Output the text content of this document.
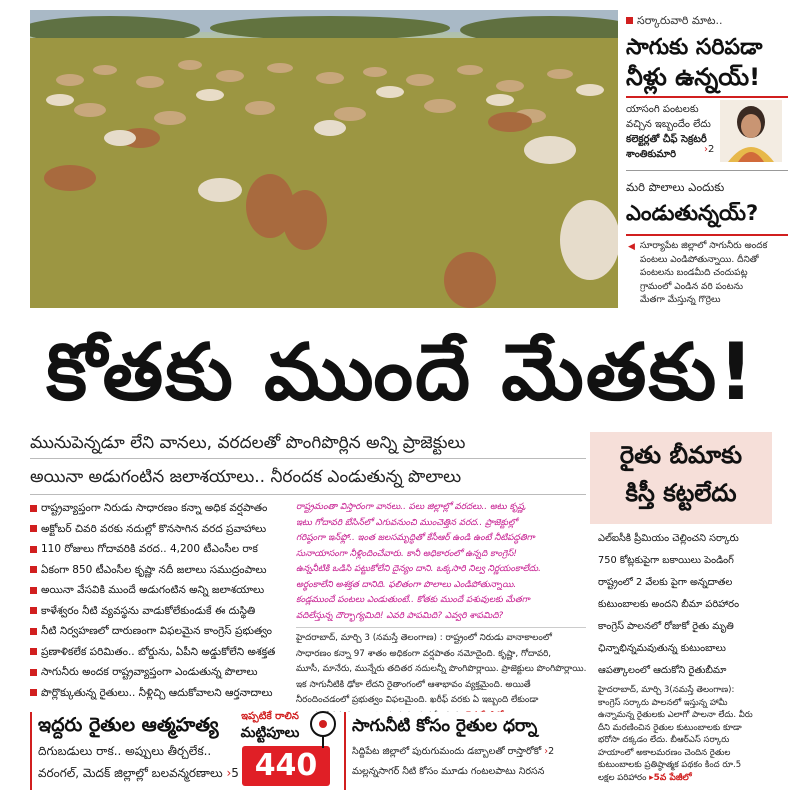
సర్కారువారి మాట..
సాగుకు సరిపడా
నీళ్లు ఉన్నయ్!
యాసంగి పంటలకు
వచ్చిన ఇబ్బందేం లేదు
కలెక్టర్లతో చీఫ్ సెక్రటరీ
శాంతికుమారి	›2
మరి పొలాలు ఎందుకు
ఎండుతున్నయ్?
సూర్యాపేట జిల్లాలో సాగునీరు అందక
పంటలు ఎండిపోతున్నాయి. దీనితో
పంటలను బండమీది చందుపట్ల
గ్రామంలో ఎండిన వరి పంటను
మేతగా మేస్తున్న గొర్రెలు
◀
కోతకు ముందే మేతకు!
మునుపెన్నడూ లేని వానలు, వరదలతో పొంగిపొర్లిన అన్ని ప్రాజెక్టులు
అయినా అడుగంటిన జలాశయాలు.. నీరందక ఎండుతున్న పొలాలు
రాష్ట్రవ్యాప్తంగా నిరుడు సాధారణం కన్నా అధిక వర్షపాతం
అక్టోబర్ చివరి వరకు నదుల్లో కొనసాగిన వరద ప్రవాహాలు
110 రోజులు గోదావరికి వరద.. 4,200 టీఎంసీల రాక
ఏకంగా 850 టీఎంసీల కృష్ణా నదీ జలాలు సముద్రంపాలు
అయినా వేసవికి ముందే అడుగంటిన అన్ని జలాశయాలు
కాళేశ్వరం నీటి వ్యవస్థను వాడుకోలేకుండుకే ఈ దుస్థితి
నీటి నిర్వహణలో దారుణంగా విఫలమైన కాంగ్రెస్ ప్రభుత్వం
ప్రణాళికలేక పరిమితం.. బోర్డును, ఏపీని అడ్డుకోలేని అశక్తత
సాగునీరు అందక రాష్ట్రవ్యాప్తంగా ఎండుతున్న పొలాలు
పొర్లొక్కుతున్న రైతులు.. నీళ్లిచ్చి ఆదుకోవాలని ఆర్తనాదాలు
రాష్ట్రమంతా విస్తారంగా వానలు.. పలు జిల్లాల్లో వరదలు.. అటు కృష్ణ,
ఇటు గోదావరి బేసిన్‌లో ఎగువనుంచి ముంచెత్తిన వరద.. ప్రాజెక్టుల్లో
గరిష్ఠంగా ఇన్‌ఫ్లో.. ఇంత జలసమృద్ధితో కేసీఆర్ ఉండి ఉంటే నీటిపద్ధతిగా
సునాయాసంగా నీళ్లిందించేవారు. కానీ అధికారంలో ఉన్నది కాంగ్రెస్!
ఉన్ననీటికి ఒడిసి పట్టుకోలేని దైన్యం దాని. ఒక్కసారి నిల్వ నిర్ణయంకాలేదు.
అర్థంకాలేని అశక్తత దానిది. ఫలితంగా పొలాలు ఎండిపోతున్నాయి.
కండ్లముందే పంటలు ఎండుతుంటే.. కోతకు ముందే పశువులకు మేతగా
వదిలేస్తున్న దౌర్భాగ్యమిది! ఎవరి పాపమిది? ఎవ్వరి శాపమిది?
హైదరాబాద్, మార్చి 3 (నమస్తే తెలంగాణ) : రాష్ట్రంలో నిరుడు వానాకాలంలో
సాధారణం కన్నా 97 శాతం అధికంగా వర్షపాతం నమోదైంది. కృష్ణా, గోదావరి,
మూసీ, మానేరు, మున్నేరు తదితర నదులన్నీ పొంగిపొర్లాయి. ప్రాజెక్టులు పొంగిపొర్లాయి.
ఇక సాగునీటికి ఢోకా లేదని రైతాంగంలో ఆశాభావం వ్యక్తమైంది. అయితే
నీరందించడంలో ప్రభుత్వం విఫలమైంది. ఖరీఫ్ వరకు ఏ ఇబ్బంది లేకుండా
రైతు బీమాకు
కిస్తీ కట్టలేదు
ఎల్ఐసీకి ప్రీమియం చెల్లించని సర్కారు
750 కోట్లకుపైగా బకాయిలు పెండింగ్
రాష్ట్రంలో 2 వేలకు పైగా అన్నదాతల
కుటుంబాలకు అందని బీమా పరిహారం
కాంగ్రెస్ పాలనలో రోజుకో రైతు మృతి
ఛిన్నాభిన్నమవుతున్న కుటుంబాలు
ఆపత్కాలంలో ఆదుకోని రైతుబీమా
హైదరాబాద్, మార్చి 3(నమస్తే తెలంగాణ):
కాంగ్రెస్ సర్కారు పాలనలో ఇస్తున్న హామీ
ఉన్నామన్న రైతులకు ఎలాగో పాలనా లేదు. వీరు
దీని మరణించిన రైతుల కుటుంబాలకు కూడా
భరోసా దక్కడం లేదు. బీఆర్‌ఎస్ సర్కారు
హయాంలో అకాలమరణం చెందిన రైతుల
కుటుంబాలకు ప్రతిష్ఠాత్మక పథకం కింద రూ.5
లక్షల పరిహారం ▸5వ పేజీలో
ఇద్దరు రైతుల ఆత్మహత్య
దిగుబడులు రాక.. అప్పులు తీర్చలేక..
వరంగల్, మెదక్ జిల్లాల్లో బలవన్మరణాలు ›5
ఇప్పటికే రాలిన
మట్టిపూలు
440
సాగునీటి కోసం రైతుల ధర్నా
సిద్దిపేట జిల్లాలో పురుగుమందు డబ్బాలతో రాస్తారోకో ›2
మల్లన్నసాగర్ నీటి కోసం మూడు గంటలపాటు నిరసన
